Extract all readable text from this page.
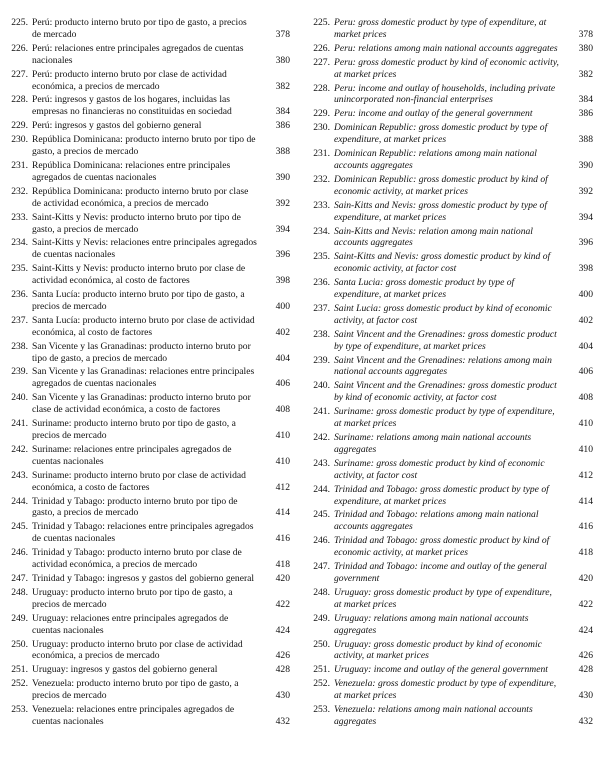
225. Perú: producto interno bruto por tipo de gasto, a precios de mercado	378
226. Perú: relaciones entre principales agregados de cuentas nacionales	380
227. Perú: producto interno bruto por clase de actividad económica, a precios de mercado	382
228. Perú: ingresos y gastos de los hogares, incluidas las empresas no financieras no constituidas en sociedad	384
229. Perú: ingresos y gastos del gobierno general	386
230. República Dominicana: producto interno bruto por tipo de gasto, a precios de mercado	388
231. República Dominicana: relaciones entre principales agregados de cuentas nacionales	390
232. República Dominicana: producto interno bruto por clase de actividad económica, a precios de mercado	392
233. Saint-Kitts y Nevis: producto interno bruto por tipo de gasto, a precios de mercado	394
234. Saint-Kitts y Nevis: relaciones entre principales agregados de cuentas nacionales	396
235. Saint-Kitts y Nevis: producto interno bruto por clase de actividad económica, al costo de factores	398
236. Santa Lucía: producto interno bruto por tipo de gasto, a precios de mercado	400
237. Santa Lucía: producto interno bruto por clase de actividad económica, al costo de factores	402
238. San Vicente y las Granadinas: producto interno bruto por tipo de gasto, a precios de mercado	404
239. San Vicente y las Granadinas: relaciones entre principales agregados de cuentas nacionales	406
240. San Vicente y las Granadinas: producto interno bruto por clase de actividad económica, a costo de factores	408
241. Suriname: producto interno bruto por tipo de gasto, a precios de mercado	410
242. Suriname: relaciones entre principales agregados de cuentas nacionales	410
243. Suriname: producto interno bruto por clase de actividad económica, a costo de factores	412
244. Trinidad y Tabago: producto interno bruto por tipo de gasto, a precios de mercado	414
245. Trinidad y Tabago: relaciones entre principales agregados de cuentas nacionales	416
246. Trinidad y Tabago: producto interno bruto por clase de actividad económica, a precios de mercado	418
247. Trinidad y Tabago: ingresos y gastos del gobierno general	420
248. Uruguay: producto interno bruto por tipo de gasto, a precios de mercado	422
249. Uruguay: relaciones entre principales agregados de cuentas nacionales	424
250. Uruguay: producto interno bruto por clase de actividad económica, a precios de mercado	426
251. Uruguay: ingresos y gastos del gobierno general	428
252. Venezuela: producto interno bruto por tipo de gasto, a precios de mercado	430
253. Venezuela: relaciones entre principales agregados de cuentas nacionales	432
225. Peru: gross domestic product by type of expenditure, at market prices	378
226. Peru: relations among main national accounts aggregates	380
227. Peru: gross domestic product by kind of economic activity, at market prices	382
228. Peru: income and outlay of households, including private unincorporated non-financial enterprises	384
229. Peru: income and outlay of the general government	386
230. Dominican Republic: gross domestic product by type of expenditure, at market prices	388
231. Dominican Republic: relations among main national accounts aggregates	390
232. Dominican Republic: gross domestic product by kind of economic activity, at market prices	392
233. Sain-Kitts and Nevis: gross domestic product by type of expenditure, at market prices	394
234. Sain-Kitts and Nevis: relation among main national accounts aggregates	396
235. Saint-Kitts and Nevis: gross domestic product by kind of economic activity, at factor cost	398
236. Santa Lucia: gross domestic product by type of expenditure, at market prices	400
237. Saint Lucia: gross domestic product by kind of economic activity, at factor cost	402
238. Saint Vincent and the Grenadines: gross domestic product by type of expenditure, at market prices	404
239. Saint Vincent and the Grenadines: relations among main national accounts aggregates	406
240. Saint Vincent and the Grenadines: gross domestic product by kind of economic activity, at factor cost	408
241. Suriname: gross domestic product by type of expenditure, at market prices	410
242. Suriname: relations among main national accounts aggregates	410
243. Suriname: gross domestic product by kind of economic activity, at factor cost	412
244. Trinidad and Tobago: gross domestic product by type of expenditure, at market prices	414
245. Trinidad and Tobago: relations among main national accounts aggregates	416
246. Trinidad and Tobago: gross domestic product by kind of economic activity, at market prices	418
247. Trinidad and Tobago: income and outlay of the general government	420
248. Uruguay: gross domestic product by type of expenditure, at market prices	422
249. Uruguay: relations among main national accounts aggregates	424
250. Uruguay: gross domestic product by kind of economic activity, at market prices	426
251. Uruguay: income and outlay of the general government	428
252. Venezuela: gross domestic product by type of expenditure, at market prices	430
253. Venezuela: relations among main national accounts aggregates	432
